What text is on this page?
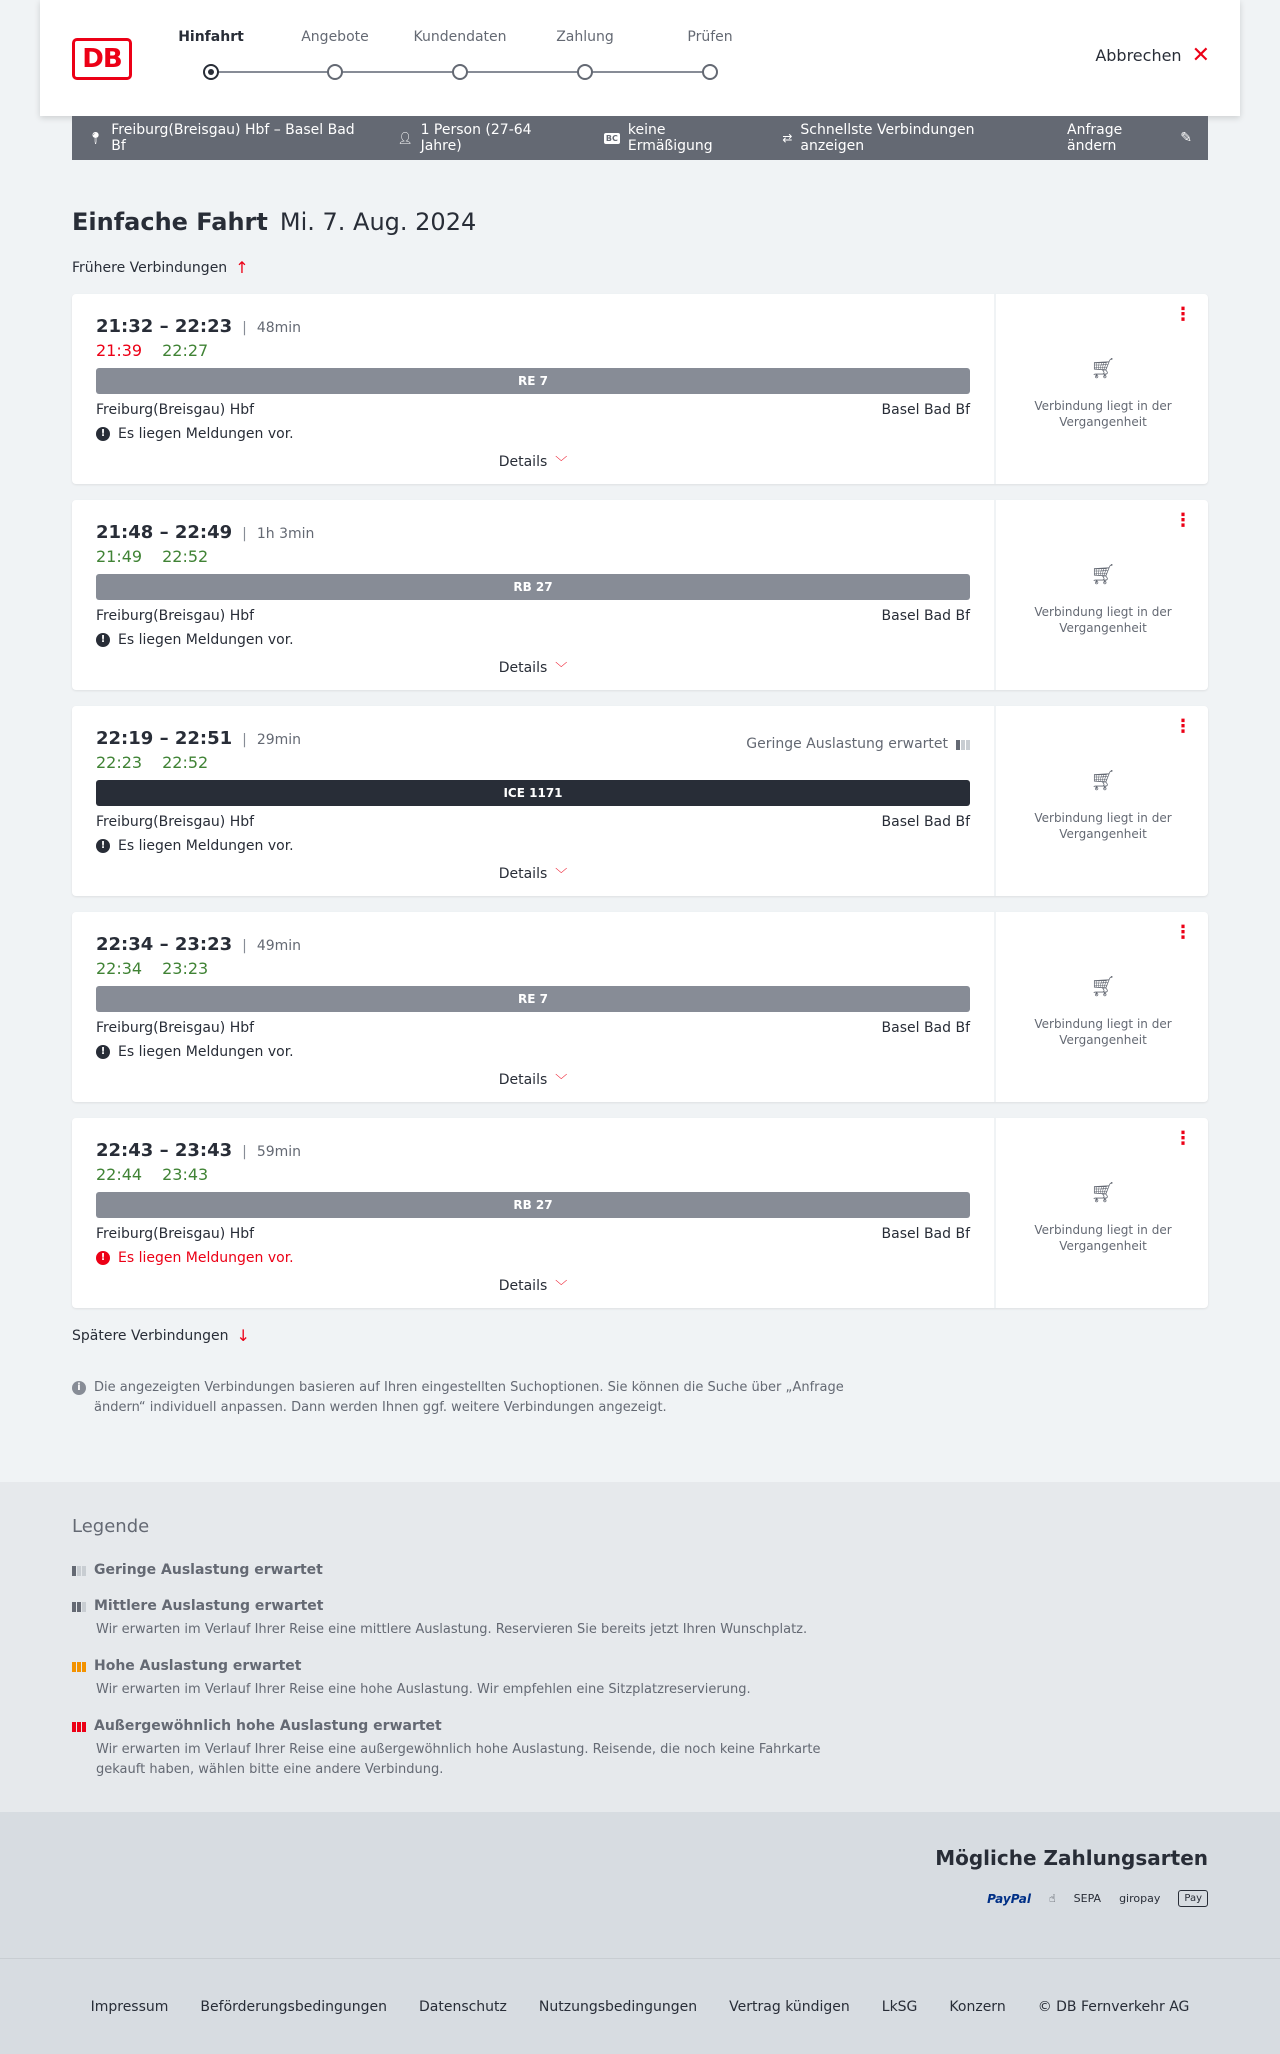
DB
Hinfahrt	Angebote	Kundendaten	Zahlung	Prüfen
Abbrechen ✕
📍︎ Freiburg(Breisgau) Hbf – Basel Bad Bf	👤︎ 1 Person (27-64 Jahre)	BC keine Ermäßigung	⇄ Schnellste Verbindungen anzeigen
Anfrage ändern	✎
Einfache Fahrt Mi. 7. Aug. 2024
Frühere Verbindungen ↑
21:32 – 22:23 | 48min
21:39 22:27
RE 7
Freiburg(Breisgau) Hbf	Basel Bad Bf
! Es liegen Meldungen vor.
Details ﹀
⋮
🛒︎
Verbindung liegt in der Vergangenheit
21:48 – 22:49 | 1h 3min
21:49 22:52
RB 27
Freiburg(Breisgau) Hbf	Basel Bad Bf
! Es liegen Meldungen vor.
Details ﹀
⋮
🛒︎
Verbindung liegt in der Vergangenheit
22:19 – 22:51 | 29min
22:23 22:52
ICE 1171
Freiburg(Breisgau) Hbf	Basel Bad Bf
! Es liegen Meldungen vor.
Geringe Auslastung erwartet
Details ﹀
⋮
🛒︎
Verbindung liegt in der Vergangenheit
22:34 – 23:23 | 49min
22:34 23:23
RE 7
Freiburg(Breisgau) Hbf	Basel Bad Bf
! Es liegen Meldungen vor.
Details ﹀
⋮
🛒︎
Verbindung liegt in der Vergangenheit
22:43 – 23:43 | 59min
22:44 23:43
RB 27
Freiburg(Breisgau) Hbf	Basel Bad Bf
! Es liegen Meldungen vor.
Details ﹀
⋮
🛒︎
Verbindung liegt in der Vergangenheit
Spätere Verbindungen ↓
i	Die angezeigten Verbindungen basieren auf Ihren eingestellten Suchoptionen. Sie können die Suche über „Anfrage ändern“ individuell anpassen. Dann werden Ihnen ggf. weitere Verbindungen angezeigt.
Legende
Geringe Auslastung erwartet
Mittlere Auslastung erwartet
Wir erwarten im Verlauf Ihrer Reise eine mittlere Auslastung. Reservieren Sie bereits jetzt Ihren Wunschplatz.
Hohe Auslastung erwartet
Wir erwarten im Verlauf Ihrer Reise eine hohe Auslastung. Wir empfehlen eine Sitzplatzreservierung.
Außergewöhnlich hohe Auslastung erwartet
Wir erwarten im Verlauf Ihrer Reise eine außergewöhnlich hohe Auslastung. Reisende, die noch keine Fahrkarte gekauft haben, wählen bitte eine andere Verbindung.
Mögliche Zahlungsarten
PayPal ☝︎ SEPA giropay	Pay
Impressum Beförderungsbedingungen Datenschutz Nutzungsbedingungen Vertrag kündigen LkSG Konzern © DB Fernverkehr AG
